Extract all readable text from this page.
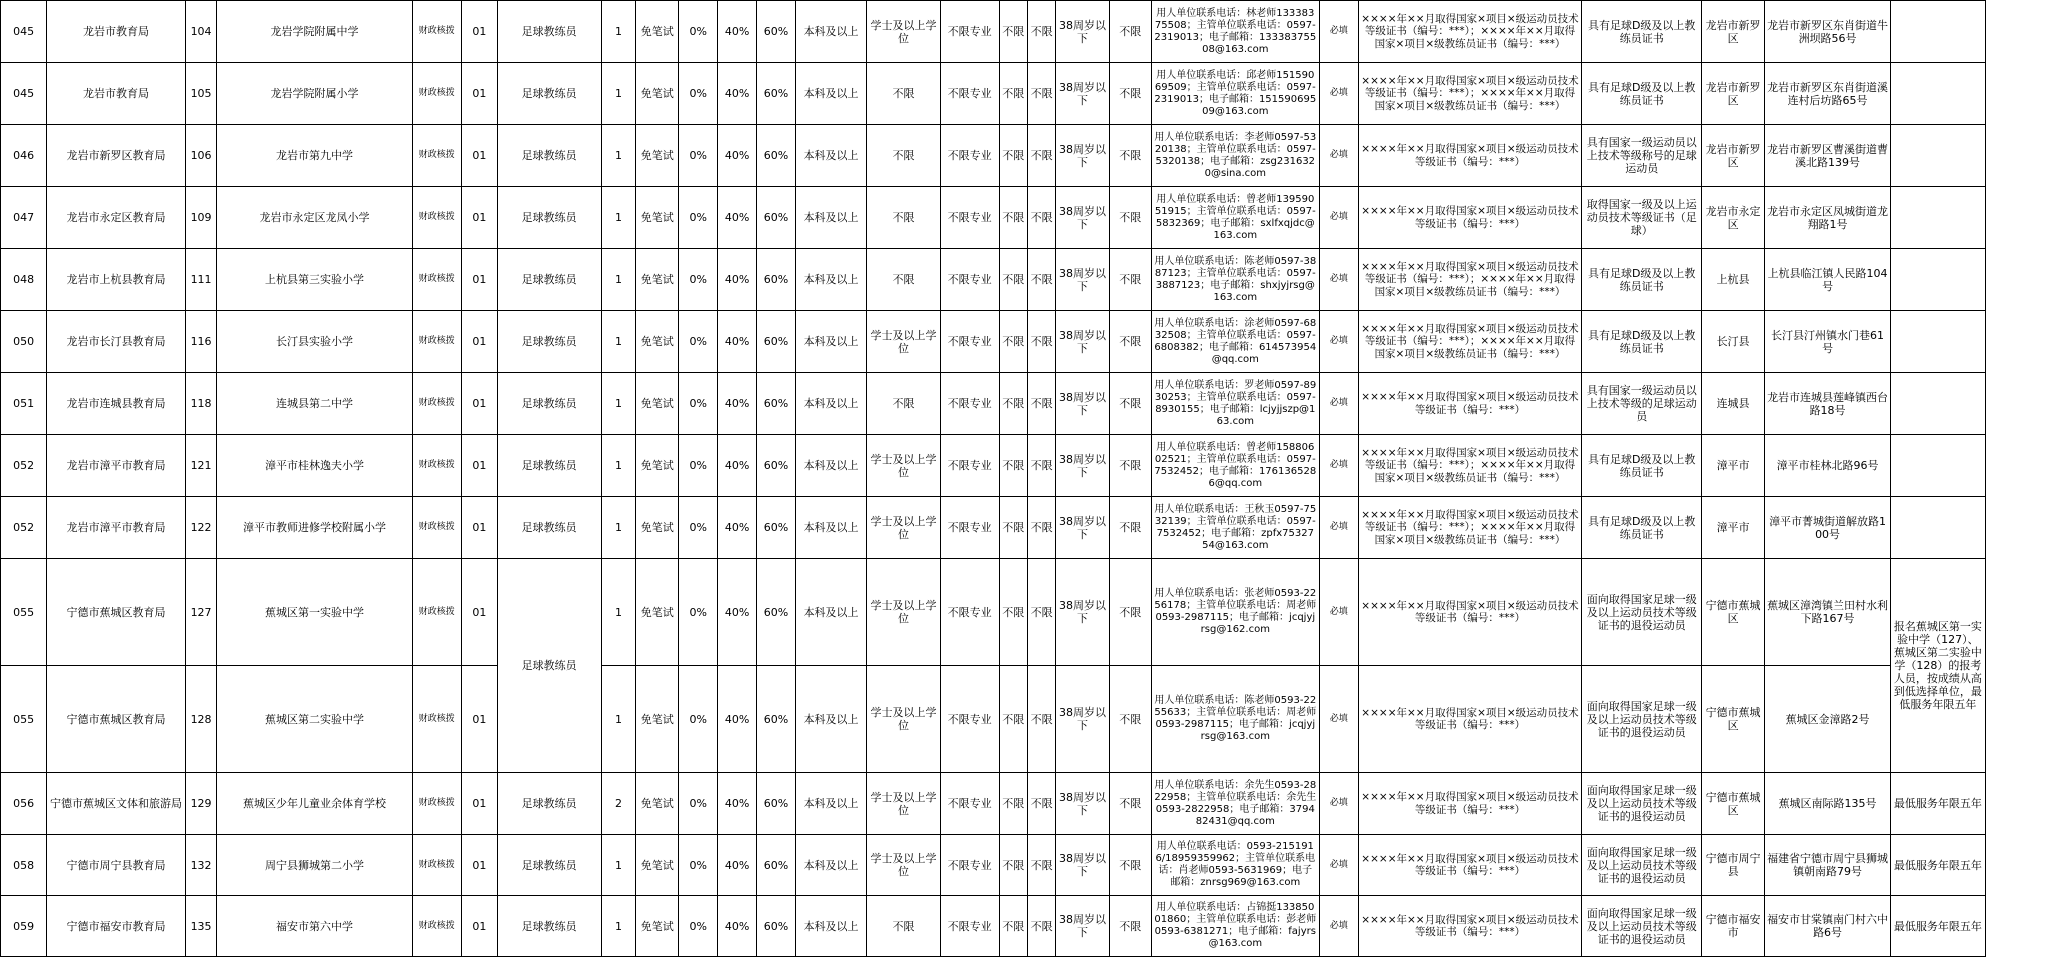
045	龙岩市教育局	104	龙岩学院附属中学	财政核拨	01	足球教练员	1	免笔试	0%	40%	60%	本科及以上	学士及以上学位	不限专业	不限	不限	38周岁以下	不限	用人单位联系电话：林老师13338375508；主管单位联系电话：0597-2319013；电子邮箱：13338375508@163.com	必填	××××年××月取得国家×项目×级运动员技术等级证书（编号：***）；××××年××月取得国家×项目×级教练员证书（编号：***）	具有足球D级及以上教练员证书	龙岩市新罗区	龙岩市新罗区东肖街道牛洲坝路56号		
045	龙岩市教育局	105	龙岩学院附属小学	财政核拨	01	足球教练员	1	免笔试	0%	40%	60%	本科及以上	不限	不限专业	不限	不限	38周岁以下	不限	用人单位联系电话：邱老师15159069509；主管单位联系电话：0597-2319013；电子邮箱：15159069509@163.com	必填	××××年××月取得国家×项目×级运动员技术等级证书（编号：***）；××××年××月取得国家×项目×级教练员证书（编号：***）	具有足球D级及以上教练员证书	龙岩市新罗区	龙岩市新罗区东肖街道溪连村后坊路65号		
046	龙岩市新罗区教育局	106	龙岩市第九中学	财政核拨	01	足球教练员	1	免笔试	0%	40%	60%	本科及以上	不限	不限专业	不限	不限	38周岁以下	不限	用人单位联系电话：李老师0597-5320138；主管单位联系电话：0597-5320138；电子邮箱：zsg2316320@sina.com	必填	××××年××月取得国家×项目×级运动员技术等级证书（编号：***）	具有国家一级运动员以上技术等级称号的足球运动员	龙岩市新罗区	龙岩市新罗区曹溪街道曹溪北路139号		
047	龙岩市永定区教育局	109	龙岩市永定区龙凤小学	财政核拨	01	足球教练员	1	免笔试	0%	40%	60%	本科及以上	不限	不限专业	不限	不限	38周岁以下	不限	用人单位联系电话：曾老师13959051915；主管单位联系电话：0597-5832369；电子邮箱：sxlfxqjdc@163.com	必填	××××年××月取得国家×项目×级运动员技术等级证书（编号：***）	取得国家一级及以上运动员技术等级证书（足球）	龙岩市永定区	龙岩市永定区凤城街道龙翔路1号		
048	龙岩市上杭县教育局	111	上杭县第三实验小学	财政核拨	01	足球教练员	1	免笔试	0%	40%	60%	本科及以上	不限	不限专业	不限	不限	38周岁以下	不限	用人单位联系电话：陈老师0597-3887123；主管单位联系电话：0597-3887123；电子邮箱：shxjyjrsg@163.com	必填	××××年××月取得国家×项目×级运动员技术等级证书（编号：***）；××××年××月取得国家×项目×级教练员证书（编号：***）	具有足球D级及以上教练员证书	上杭县	上杭县临江镇人民路104号		
050	龙岩市长汀县教育局	116	长汀县实验小学	财政核拨	01	足球教练员	1	免笔试	0%	40%	60%	本科及以上	学士及以上学位	不限专业	不限	不限	38周岁以下	不限	用人单位联系电话：涂老师0597-6832508；主管单位联系电话：0597-6808382；电子邮箱：614573954@qq.com	必填	××××年××月取得国家×项目×级运动员技术等级证书（编号：***）；××××年××月取得国家×项目×级教练员证书（编号：***）	具有足球D级及以上教练员证书	长汀县	长汀县汀州镇水门巷61号		
051	龙岩市连城县教育局	118	连城县第二中学	财政核拨	01	足球教练员	1	免笔试	0%	40%	60%	本科及以上	不限	不限专业	不限	不限	38周岁以下	不限	用人单位联系电话：罗老师0597-8930253；主管单位联系电话：0597-8930155；电子邮箱：lcjyjjszp@163.com	必填	××××年××月取得国家×项目×级运动员技术等级证书（编号：***）	具有国家一级运动员以上技术等级的足球运动员	连城县	龙岩市连城县莲峰镇西台路18号		
052	龙岩市漳平市教育局	121	漳平市桂林逸夫小学	财政核拨	01	足球教练员	1	免笔试	0%	40%	60%	本科及以上	学士及以上学位	不限专业	不限	不限	38周岁以下	不限	用人单位联系电话：曾老师15880602521；主管单位联系电话：0597-7532452；电子邮箱：1761365286@qq.com	必填	××××年××月取得国家×项目×级运动员技术等级证书（编号：***）；××××年××月取得国家×项目×级教练员证书（编号：***）	具有足球D级及以上教练员证书	漳平市	漳平市桂林北路96号		
052	龙岩市漳平市教育局	122	漳平市教师进修学校附属小学	财政核拨	01	足球教练员	1	免笔试	0%	40%	60%	本科及以上	学士及以上学位	不限专业	不限	不限	38周岁以下	不限	用人单位联系电话：王秋玉0597-7532139；主管单位联系电话：0597-7532452；电子邮箱：zpfx7532754@163.com	必填	××××年××月取得国家×项目×级运动员技术等级证书（编号：***）；××××年××月取得国家×项目×级教练员证书（编号：***）	具有足球D级及以上教练员证书	漳平市	漳平市菁城街道解放路100号		
055	宁德市蕉城区教育局	127	蕉城区第一实验中学	财政核拨	01	足球教练员	1	免笔试	0%	40%	60%	本科及以上	学士及以上学位	不限专业	不限	不限	38周岁以下	不限	用人单位联系电话：张老师0593-2256178；主管单位联系电话：周老师0593-2987115；电子邮箱：jcqjyjrsg@162.com	必填	××××年××月取得国家×项目×级运动员技术等级证书（编号：***）	面向取得国家足球一级及以上运动员技术等级证书的退役运动员	宁德市蕉城区	蕉城区漳湾镇兰田村水利下路167号	报名蕉城区第一实验中学（127）、蕉城区第二实验中学（128）的报考人员，按成绩从高到低选择单位，最低服务年限五年	
055	宁德市蕉城区教育局	128	蕉城区第二实验中学	财政核拨	01		1	免笔试	0%	40%	60%	本科及以上	学士及以上学位	不限专业	不限	不限	38周岁以下	不限	用人单位联系电话：陈老师0593-2255633；主管单位联系电话：周老师0593-2987115；电子邮箱：jcqjyjrsg@163.com	必填	××××年××月取得国家×项目×级运动员技术等级证书（编号：***）	面向取得国家足球一级及以上运动员技术等级证书的退役运动员	宁德市蕉城区	蕉城区金漳路2号		
056	宁德市蕉城区文体和旅游局	129	蕉城区少年儿童业余体育学校	财政核拨	01	足球教练员	2	免笔试	0%	40%	60%	本科及以上	学士及以上学位	不限专业	不限	不限	38周岁以下	不限	用人单位联系电话：余先生0593-2822958；主管单位联系电话：余先生0593-2822958；电子邮箱：379482431@qq.com	必填	××××年××月取得国家×项目×级运动员技术等级证书（编号：***）	面向取得国家足球一级及以上运动员技术等级证书的退役运动员	宁德市蕉城区	蕉城区南际路135号	最低服务年限五年	
058	宁德市周宁县教育局	132	周宁县狮城第二小学	财政核拨	01	足球教练员	1	免笔试	0%	40%	60%	本科及以上	学士及以上学位	不限专业	不限	不限	38周岁以下	不限	用人单位联系电话：0593-2151916/18959359962；主管单位联系电话：肖老师0593-5631969；电子邮箱：znrsg969@163.com	必填	××××年××月取得国家×项目×级运动员技术等级证书（编号：***）	面向取得国家足球一级及以上运动员技术等级证书的退役运动员	宁德市周宁县	福建省宁德市周宁县狮城镇朝南路79号	最低服务年限五年	
059	宁德市福安市教育局	135	福安市第六中学	财政核拨	01	足球教练员	1	免笔试	0%	40%	60%	本科及以上	不限	不限专业	不限	不限	38周岁以下	不限	用人单位联系电话：占锦挺13385001860；主管单位联系电话：彭老师0593-6381271；电子邮箱：fajyrs@163.com	必填	××××年××月取得国家×项目×级运动员技术等级证书（编号：***）	面向取得国家足球一级及以上运动员技术等级证书的退役运动员	宁德市福安市	福安市甘棠镇南门村六中路6号	最低服务年限五年	
